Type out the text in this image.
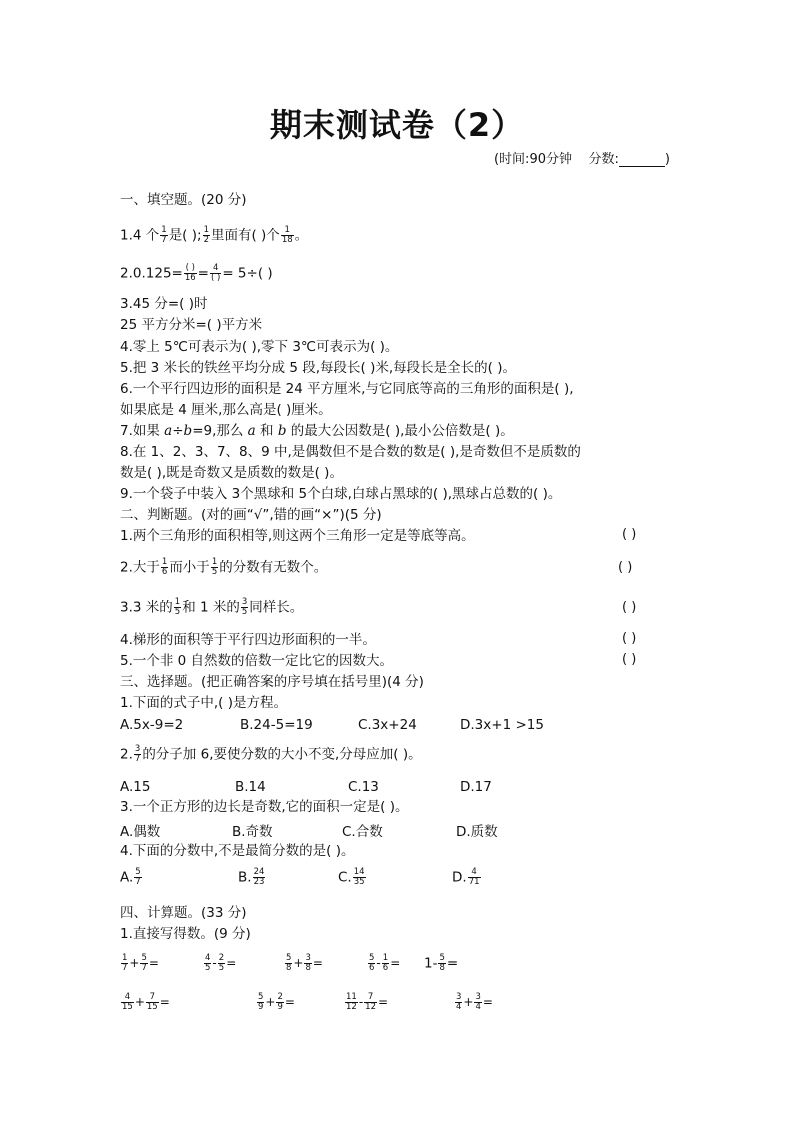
期末测试卷（2）
(时间:90分钟 分数:	)
一、填空题。(20 分)
1.4 个 $\frac{1}{7}$ 是( ); $\frac{1}{2}$ 里面有( )个 $\frac{1}{18}$ 。
2.0.125= ( )
16 = 4
( ) = 5÷( )
3.45 分=( )时
25 平方分米=( )平方米
4.零上 5℃可表示为( ),零下 3℃可表示为( )。
5.把 3 米长的铁丝平均分成 5 段,每段长( )米,每段长是全长的( )。
6.一个平行四边形的面积是 24 平方厘米,与它同底等高的三角形的面积是( ),
如果底是 4 厘米,那么高是( )厘米。
7.如果 a÷b=9,那么 a 和 b 的最大公因数是( ),最小公倍数是( )。
8.在 1、2、3、7、8、9 中,是偶数但不是合数的数是( ),是奇数但不是质数的
数是( ),既是奇数又是质数的数是( )。
9.一个袋子中装入 3个黑球和 5个白球,白球占黑球的( ),黑球占总数的( )。
二、判断题。(对的画“√”,错的画“×”)(5 分)
1.两个三角形的面积相等,则这两个三角形一定是等底等高。	( )
2.大于 $\frac{1}{6}$ 而小于 $\frac{1}{5}$ 的分数有无数个。	( )
3.3 米的 $\frac{1}{5}$ 和 1 米的 $\frac{3}{5}$ 同样长。	( )
4.梯形的面积等于平行四边形面积的一半。	( )
5.一个非 0 自然数的倍数一定比它的因数大。	( )
三、选择题。(把正确答案的序号填在括号里)(4 分)
1.下面的式子中,( )是方程。
A.5x-9=2	B.24-5=19	C.3x+24	D.3x+1 >15
2. $\frac{3}{7}$ 的分子加 6,要使分数的大小不变,分母应加( )。
A.15	B.14	C.13	D.17
3.一个正方形的边长是奇数,它的面积一定是( )。
A.偶数	B.奇数	C.合数	D.质数
4.下面的分数中,不是最简分数的是( )。
A. $\frac{5}{7}$	B. $\frac{24}{23}$	C. $\frac{14}{35}$	D. $\frac{4}{71}$
四、计算题。(33 分)
1.直接写得数。(9 分)
$\frac{1}{7} + \frac{5}{7}$ =	$\frac{4}{5} - \frac{2}{5}$ =	$\frac{5}{8} + \frac{3}{8}$ =	$\frac{5}{6} - \frac{1}{6} = 1- \frac{5}{8}$ =
$\frac{4}{15} + \frac{7}{15}$ =	$\frac{5}{9} + \frac{2}{9}$ =	$\frac{11}{12} - \frac{7}{12}$ =	$\frac{3}{4} + \frac{3}{4}$ =
